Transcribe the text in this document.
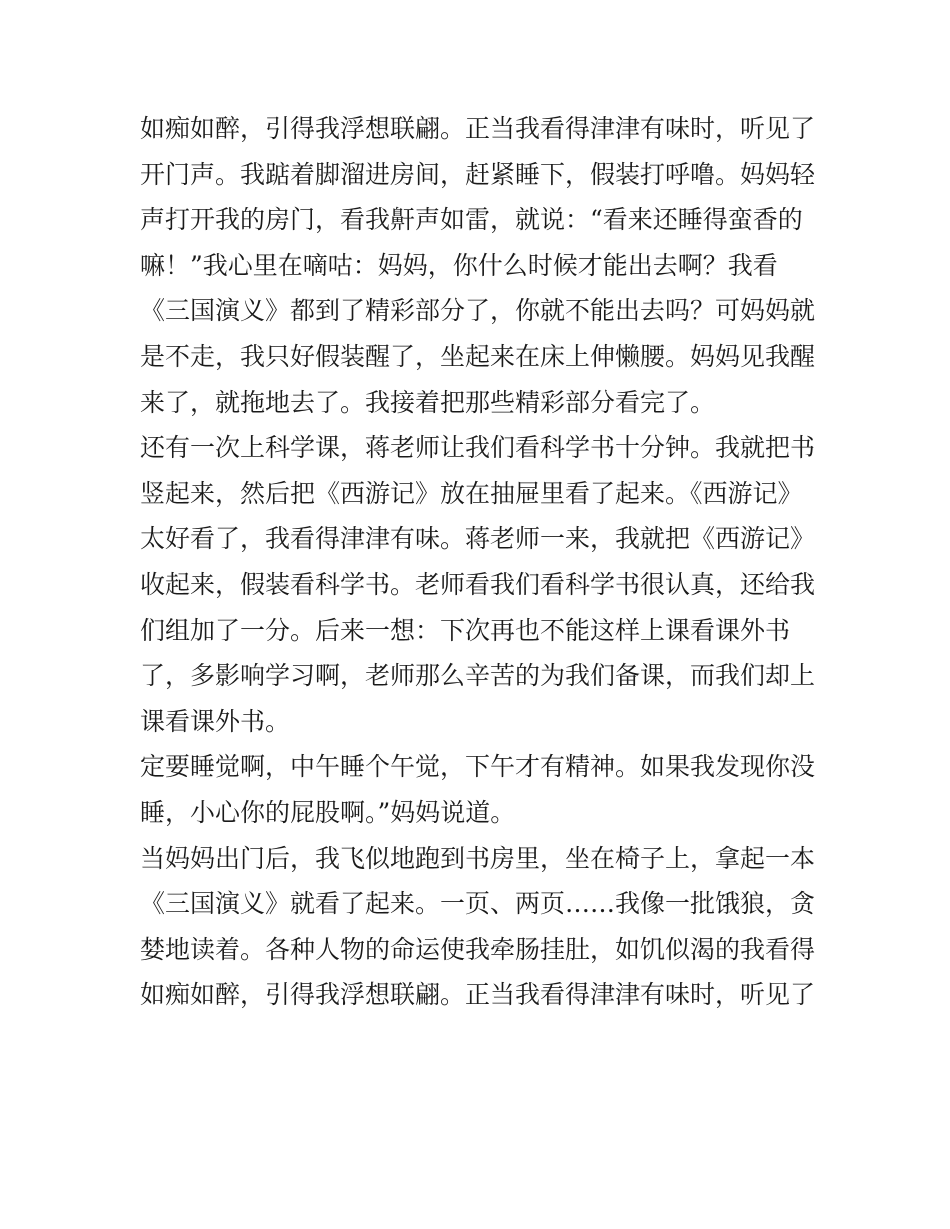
如痴如醉，引得我浮想联翩。正当我看得津津有味时，听见了
开门声。我踮着脚溜进房间，赶紧睡下，假装打呼噜。妈妈轻
声打开我的房门，看我鼾声如雷，就说：“看来还睡得蛮香的
嘛！”我心里在嘀咕：妈妈，你什么时候才能出去啊？我看
《三国演义》都到了精彩部分了，你就不能出去吗？可妈妈就
是不走，我只好假装醒了，坐起来在床上伸懒腰。妈妈见我醒
来了，就拖地去了。我接着把那些精彩部分看完了。
还有一次上科学课，蒋老师让我们看科学书十分钟。我就把书
竖起来，然后把《西游记》放在抽屉里看了起来。《西游记》
太好看了，我看得津津有味。蒋老师一来，我就把《西游记》
收起来，假装看科学书。老师看我们看科学书很认真，还给我
们组加了一分。后来一想：下次再也不能这样上课看课外书
了，多影响学习啊，老师那么辛苦的为我们备课，而我们却上
课看课外书。
定要睡觉啊，中午睡个午觉，下午才有精神。如果我发现你没
睡，小心你的屁股啊。”妈妈说道。
当妈妈出门后，我飞似地跑到书房里，坐在椅子上，拿起一本
《三国演义》就看了起来。一页、两页……我像一批饿狼，贪
婪地读着。各种人物的命运使我牵肠挂肚，如饥似渴的我看得
如痴如醉，引得我浮想联翩。正当我看得津津有味时，听见了
